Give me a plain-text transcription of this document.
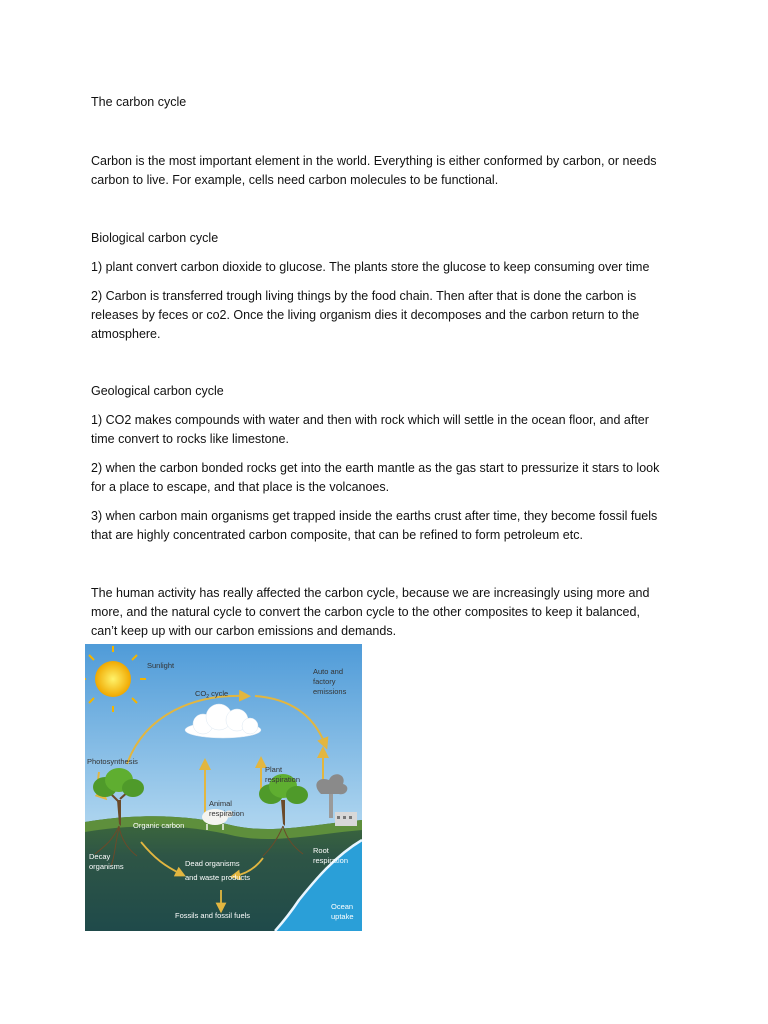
The carbon cycle
Carbon is the most important element in the world. Everything is either conformed by carbon, or needs
carbon to live. For example, cells need carbon molecules to be functional.
Biological carbon cycle
1) plant convert carbon dioxide to glucose. The plants store the glucose to keep consuming over time
2) Carbon is transferred trough living things by the food chain. Then after that is done the carbon is
releases by feces or co2. Once the living organism dies it decomposes and the carbon return to the
atmosphere.
Geological carbon cycle
1) CO2 makes compounds with water and then with rock which will settle in the ocean floor, and after
time convert to rocks like limestone.
2) when the carbon bonded rocks get into the earth mantle as the gas start to pressurize it stars to look
for a place to escape, and that place is the volcanoes.
3) when carbon main organisms get trapped inside the earths crust after time, they become fossil fuels
that are highly concentrated carbon composite, that can be refined to form petroleum etc.
The human activity has really affected the carbon cycle, because we are increasingly using more and
more, and the natural cycle to convert the carbon cycle to the other composites to keep it balanced,
can’t keep up with our carbon emissions and demands.
Sunlight
$CO_2$ cycle
Auto and
factory
emissions
Photosynthesis
Plant
respiration
Animal
respiration
Organic carbon
Decay
organisms	Dead organisms
and waste products
Root
respiration
Fossils and fossil fuels
Ocean
uptake
